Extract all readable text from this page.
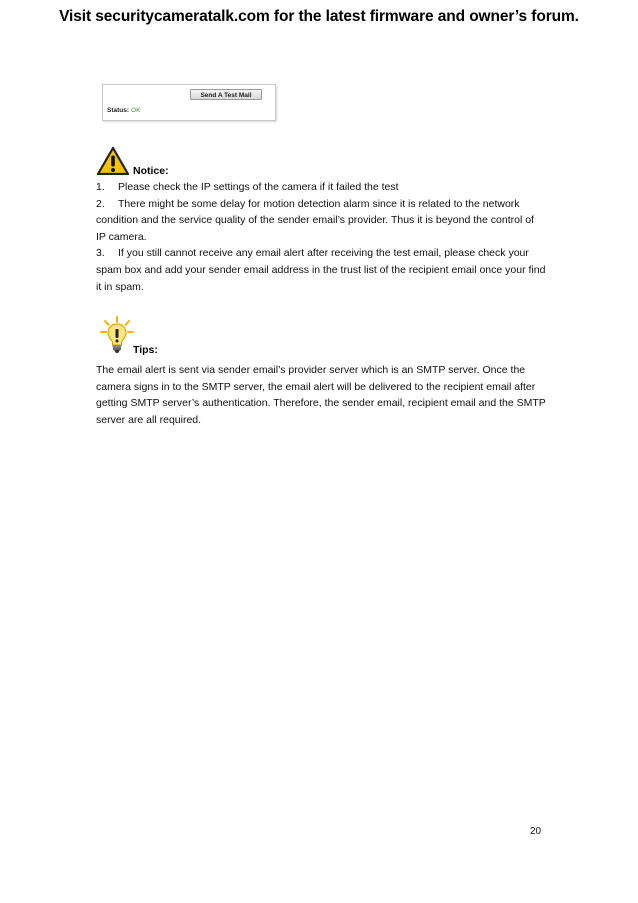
Visit securitycameratalk.com for the latest firmware and owner’s forum.
Send A Test Mail
Status: OK
Notice:

1. Please check the IP settings of the camera if it failed the test

2. There might be some delay for motion detection alarm since it is related to the network condition and the service quality of the sender email’s provider. Thus it is beyond the control of IP camera.

3. If you still cannot receive any email alert after receiving the test email, please check your spam box and add your sender email address in the trust list of the recipient email once your find it in spam.

Tips:

The email alert is sent via sender email’s provider server which is an SMTP server. Once the camera signs in to the SMTP server, the email alert will be delivered to the recipient email after getting SMTP server’s authentication. Therefore, the sender email, recipient email and the SMTP server are all required.

20
